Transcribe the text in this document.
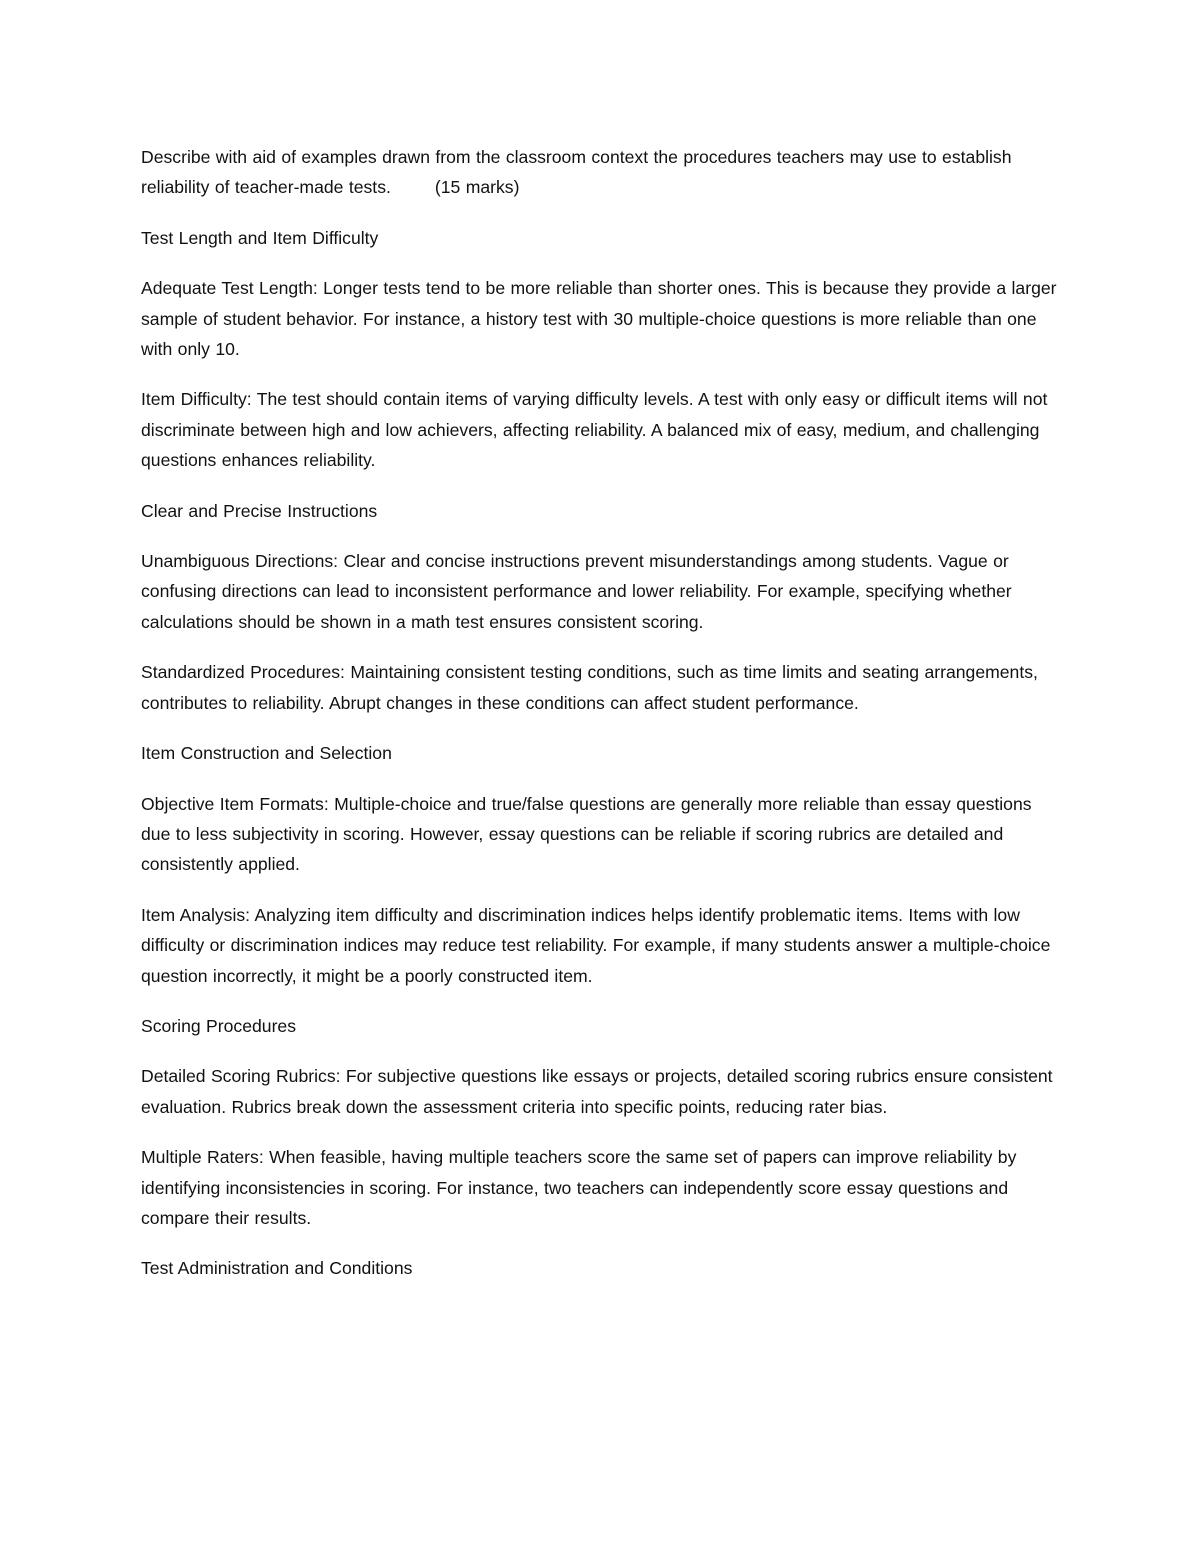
Describe with aid of examples drawn from the classroom context the procedures teachers may use to establish reliability of teacher-made tests.	(15 marks)

Test Length and Item Difficulty

Adequate Test Length: Longer tests tend to be more reliable than shorter ones. This is because they provide a larger sample of student behavior. For instance, a history test with 30 multiple-choice questions is more reliable than one with only 10.

Item Difficulty: The test should contain items of varying difficulty levels. A test with only easy or difficult items will not discriminate between high and low achievers, affecting reliability. A balanced mix of easy, medium, and challenging questions enhances reliability.

Clear and Precise Instructions

Unambiguous Directions: Clear and concise instructions prevent misunderstandings among students. Vague or confusing directions can lead to inconsistent performance and lower reliability. For example, specifying whether calculations should be shown in a math test ensures consistent scoring.

Standardized Procedures: Maintaining consistent testing conditions, such as time limits and seating arrangements, contributes to reliability. Abrupt changes in these conditions can affect student performance.

Item Construction and Selection

Objective Item Formats: Multiple-choice and true/false questions are generally more reliable than essay questions due to less subjectivity in scoring. However, essay questions can be reliable if scoring rubrics are detailed and consistently applied.

Item Analysis: Analyzing item difficulty and discrimination indices helps identify problematic items. Items with low difficulty or discrimination indices may reduce test reliability. For example, if many students answer a multiple-choice question incorrectly, it might be a poorly constructed item.

Scoring Procedures

Detailed Scoring Rubrics: For subjective questions like essays or projects, detailed scoring rubrics ensure consistent evaluation. Rubrics break down the assessment criteria into specific points, reducing rater bias.

Multiple Raters: When feasible, having multiple teachers score the same set of papers can improve reliability by identifying inconsistencies in scoring. For instance, two teachers can independently score essay questions and compare their results.

Test Administration and Conditions
